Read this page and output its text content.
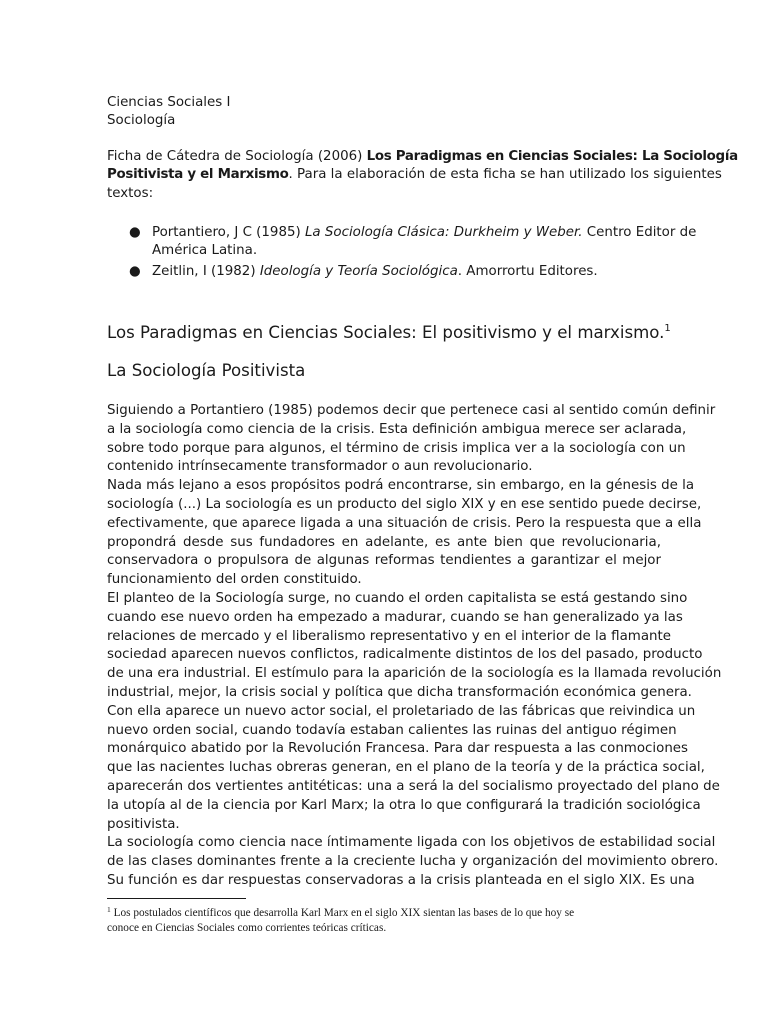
Ciencias Sociales I
Sociología
Ficha de Cátedra de Sociología (2006) Los Paradigmas en Ciencias Sociales: La Sociología
Positivista y el Marxismo. Para la elaboración de esta ficha se han utilizado los siguientes
textos:
● Portantiero, J C (1985) La Sociología Clásica: Durkheim y Weber. Centro Editor de
América Latina.
● Zeitlin, I (1982) Ideología y Teoría Sociológica. Amorrortu Editores.
Los Paradigmas en Ciencias Sociales: El positivismo y el marxismo.$^1$
La Sociología Positivista
Siguiendo a Portantiero (1985) podemos decir que pertenece casi al sentido común definir
a la sociología como ciencia de la crisis. Esta definición ambigua merece ser aclarada,
sobre todo porque para algunos, el término de crisis implica ver a la sociología con un
contenido intrínsecamente transformador o aun revolucionario.
Nada más lejano a esos propósitos podrá encontrarse, sin embargo, en la génesis de la
sociología (...) La sociología es un producto del siglo XIX y en ese sentido puede decirse,
efectivamente, que aparece ligada a una situación de crisis. Pero la respuesta que a ella
propondrá desde sus fundadores en adelante, es ante bien que revolucionaria,
conservadora o propulsora de algunas reformas tendientes a garantizar el mejor
funcionamiento del orden constituido.
El planteo de la Sociología surge, no cuando el orden capitalista se está gestando sino
cuando ese nuevo orden ha empezado a madurar, cuando se han generalizado ya las
relaciones de mercado y el liberalismo representativo y en el interior de la flamante
sociedad aparecen nuevos conflictos, radicalmente distintos de los del pasado, producto
de una era industrial. El estímulo para la aparición de la sociología es la llamada revolución
industrial, mejor, la crisis social y política que dicha transformación económica genera.
Con ella aparece un nuevo actor social, el proletariado de las fábricas que reivindica un
nuevo orden social, cuando todavía estaban calientes las ruinas del antiguo régimen
monárquico abatido por la Revolución Francesa. Para dar respuesta a las conmociones
que las nacientes luchas obreras generan, en el plano de la teoría y de la práctica social,
aparecerán dos vertientes antitéticas: una a será la del socialismo proyectado del plano de
la utopía al de la ciencia por Karl Marx; la otra lo que configurará la tradición sociológica
positivista.
La sociología como ciencia nace íntimamente ligada con los objetivos de estabilidad social
de las clases dominantes frente a la creciente lucha y organización del movimiento obrero.
Su función es dar respuestas conservadoras a la crisis planteada en el siglo XIX. Es una
$^1$ Los postulados científicos que desarrolla Karl Marx en el siglo XIX sientan las bases de lo que hoy se
conoce en Ciencias Sociales como corrientes teóricas críticas.
